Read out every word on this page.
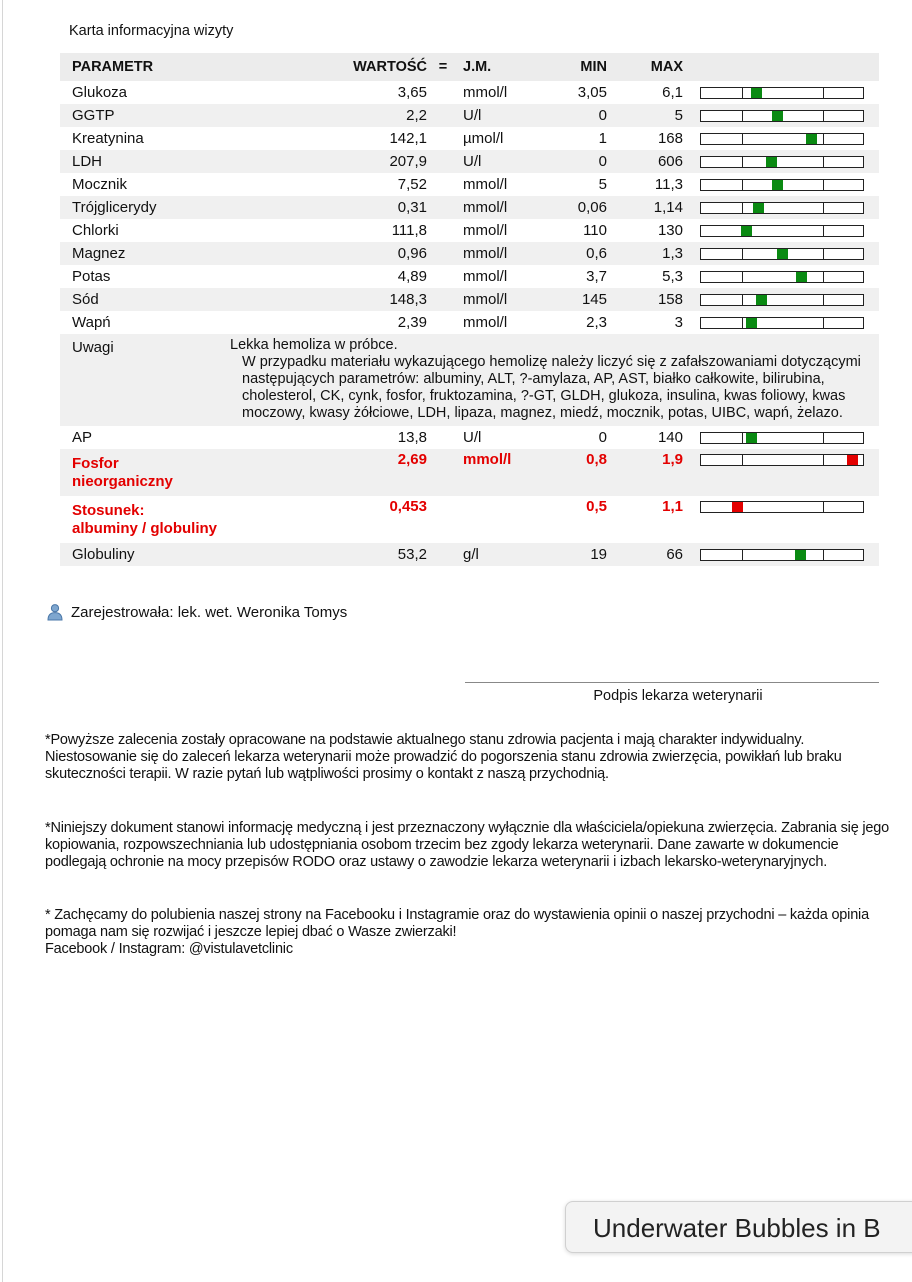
Karta informacyjna wizyty
PARAMETR	WARTOŚĆ	=	J.M.	MIN	MAX	
Glukoza	3,65		mmol/l	3,05	6,1	

GGTP	2,2		U/l	0	5	

Kreatynina	142,1		µmol/l	1	168	

LDH	207,9		U/l	0	606	

Mocznik	7,52		mmol/l	5	11,3	

Trójglicerydy	0,31		mmol/l	0,06	1,14	

Chlorki	111,8		mmol/l	110	130	

Magnez	0,96		mmol/l	0,6	1,3	

Potas	4,89		mmol/l	3,7	5,3	

Sód	148,3		mmol/l	145	158	

Wapń	2,39		mmol/l	2,3	3	

Uwagi	Lekka hemoliza w próbce.
W przypadku materiału wykazującego hemolizę należy liczyć się z zafałszowaniami dotyczącymi następujących parametrów: albuminy, ALT, ?-amylaza, AP, AST, białko całkowite, bilirubina, cholesterol, CK, cynk, fosfor, fruktozamina, ?-GT, GLDH, glukoza, insulina, kwas foliowy, kwas moczowy, kwasy żółciowe, LDH, lipaza, magnez, miedź, mocznik, potas, UIBC, wapń, żelazo.					

AP	13,8		U/l	0	140	

Fosfor
nieorganiczny	2,69		mmol/l	0,8	1,9	

Stosunek:
albuminy / globuliny	0,453			0,5	1,1	

Globuliny	53,2		g/l	19	66	
Zarejestrowała: lek. wet. Weronika Tomys
Podpis lekarza weterynarii

*Powyższe zalecenia zostały opracowane na podstawie aktualnego stanu zdrowia pacjenta i mają charakter indywidualny. Niestosowanie się do zaleceń lekarza weterynarii może prowadzić do pogorszenia stanu zdrowia zwierzęcia, powikłań lub braku skuteczności terapii. W razie pytań lub wątpliwości prosimy o kontakt z naszą przychodnią.

*Niniejszy dokument stanowi informację medyczną i jest przeznaczony wyłącznie dla właściciela/opiekuna zwierzęcia. Zabrania się jego kopiowania, rozpowszechniania lub udostępniania osobom trzecim bez zgody lekarza weterynarii. Dane zawarte w dokumencie podlegają ochronie na mocy przepisów RODO oraz ustawy o zawodzie lekarza weterynarii i izbach lekarsko-weterynaryjnych.

* Zachęcamy do polubienia naszej strony na Facebooku i Instagramie oraz do wystawienia opinii o naszej przychodni – każda opinia pomaga nam się rozwijać i jeszcze lepiej dbać o Wasze zwierzaki!

Facebook / Instagram: @vistulavetclinic

Underwater Bubbles in B
